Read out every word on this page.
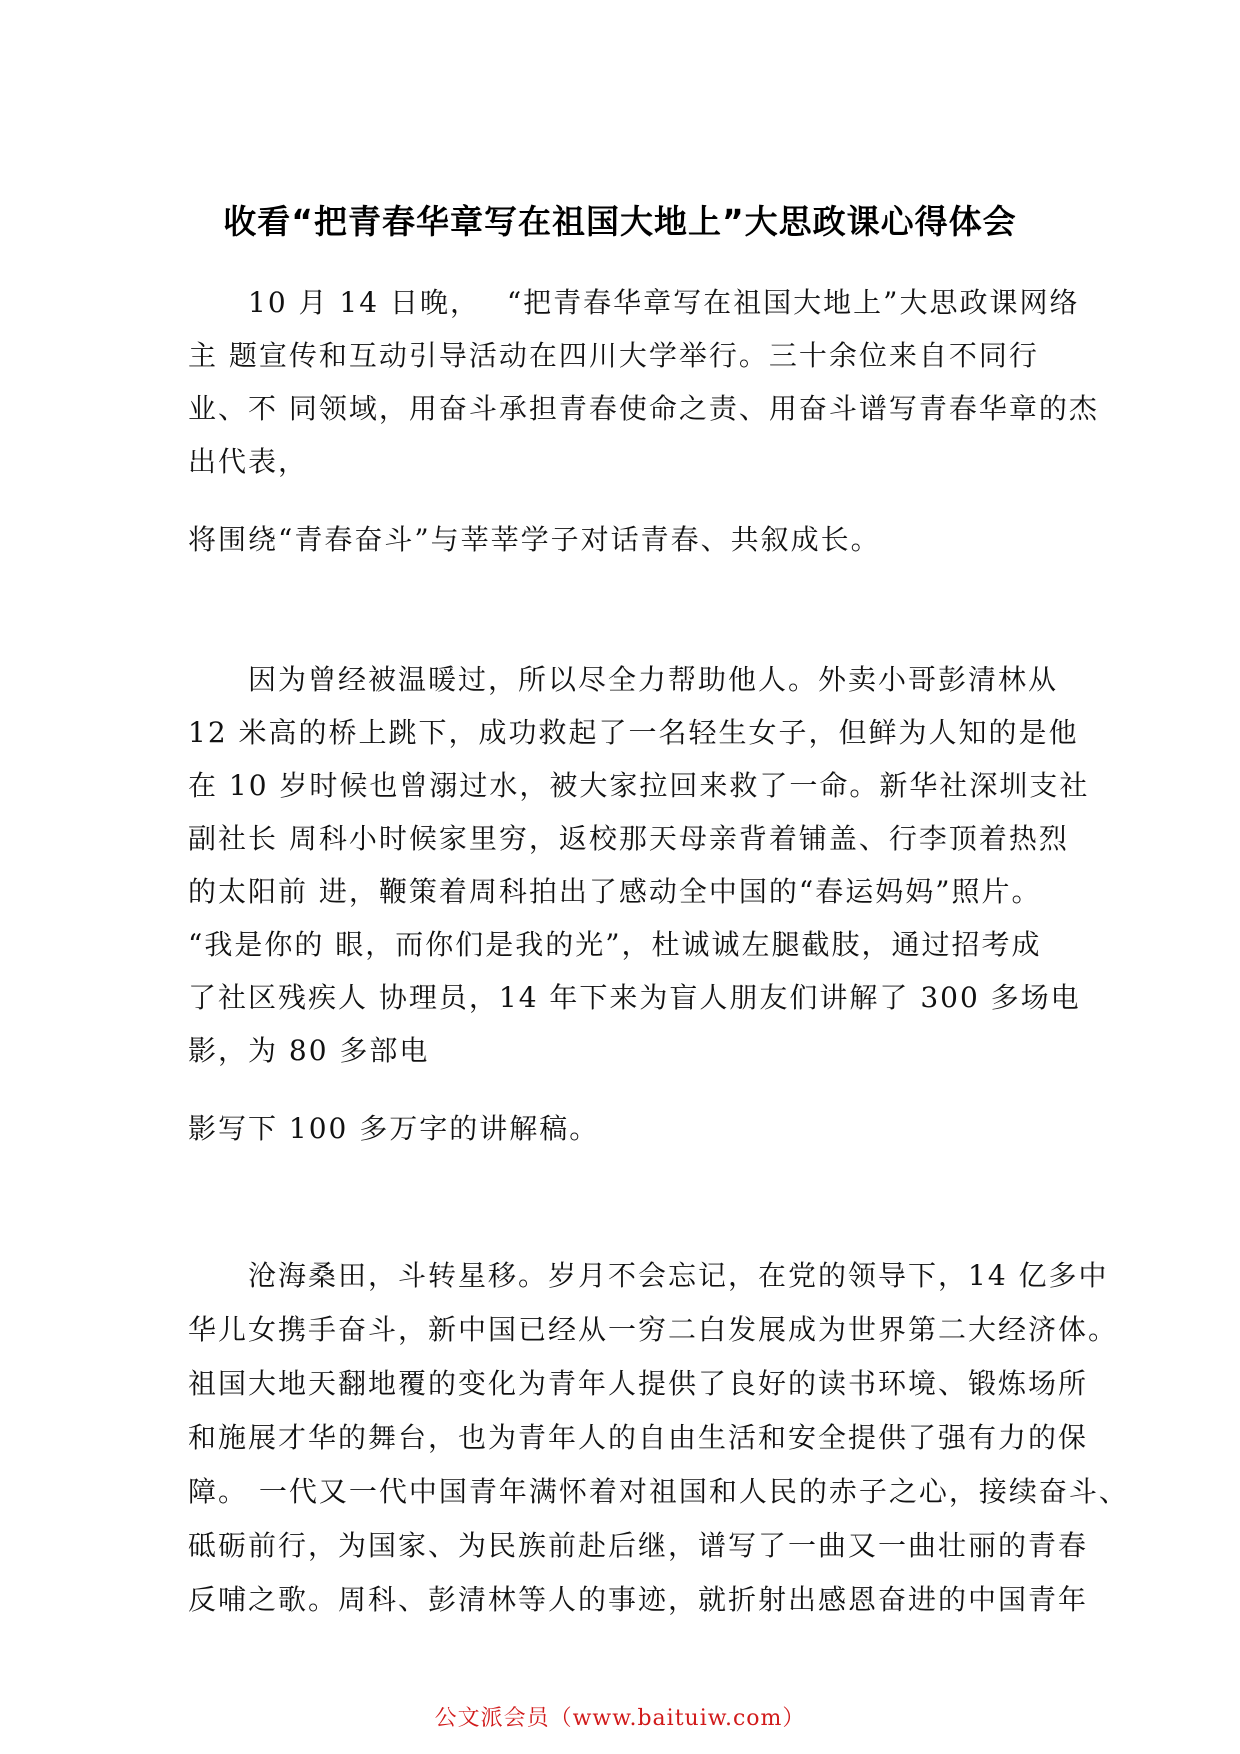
收看“把青春华章写在祖国大地上”大思政课心得体会
　　10 月 14 日晚，　 “把青春华章写在祖国大地上”大思政课网络
主 题宣传和互动引导活动在四川大学举行。三十余位来自不同行
业、不 同领域，用奋斗承担青春使命之责、用奋斗谱写青春华章的杰
出代表，
将围绕“青春奋斗”与莘莘学子对话青春、共叙成长。
　　因为曾经被温暖过，所以尽全力帮助他人。外卖小哥彭清林从
12 米高的桥上跳下，成功救起了一名轻生女子，但鲜为人知的是他
在 10 岁时候也曾溺过水，被大家拉回来救了一命。新华社深圳支社
副社长 周科小时候家里穷，返校那天母亲背着铺盖、行李顶着热烈
的太阳前 进，鞭策着周科拍出了感动全中国的“春运妈妈”照片。
“我是你的 眼，而你们是我的光”，杜诚诚左腿截肢，通过招考成
了社区残疾人 协理员，14 年下来为盲人朋友们讲解了 300 多场电
影，为 80 多部电
影写下 100 多万字的讲解稿。
　　沧海桑田，斗转星移。岁月不会忘记，在党的领导下，14 亿多中
华儿女携手奋斗，新中国已经从一穷二白发展成为世界第二大经济体。
祖国大地天翻地覆的变化为青年人提供了良好的读书环境、锻炼场所
和施展才华的舞台，也为青年人的自由生活和安全提供了强有力的保
障。 一代又一代中国青年满怀着对祖国和人民的赤子之心，接续奋斗、
砥砺前行，为国家、为民族前赴后继，谱写了一曲又一曲壮丽的青春
反哺之歌。周科、彭清林等人的事迹，就折射出感恩奋进的中国青年
公文派会员（www.baituiw.com）
